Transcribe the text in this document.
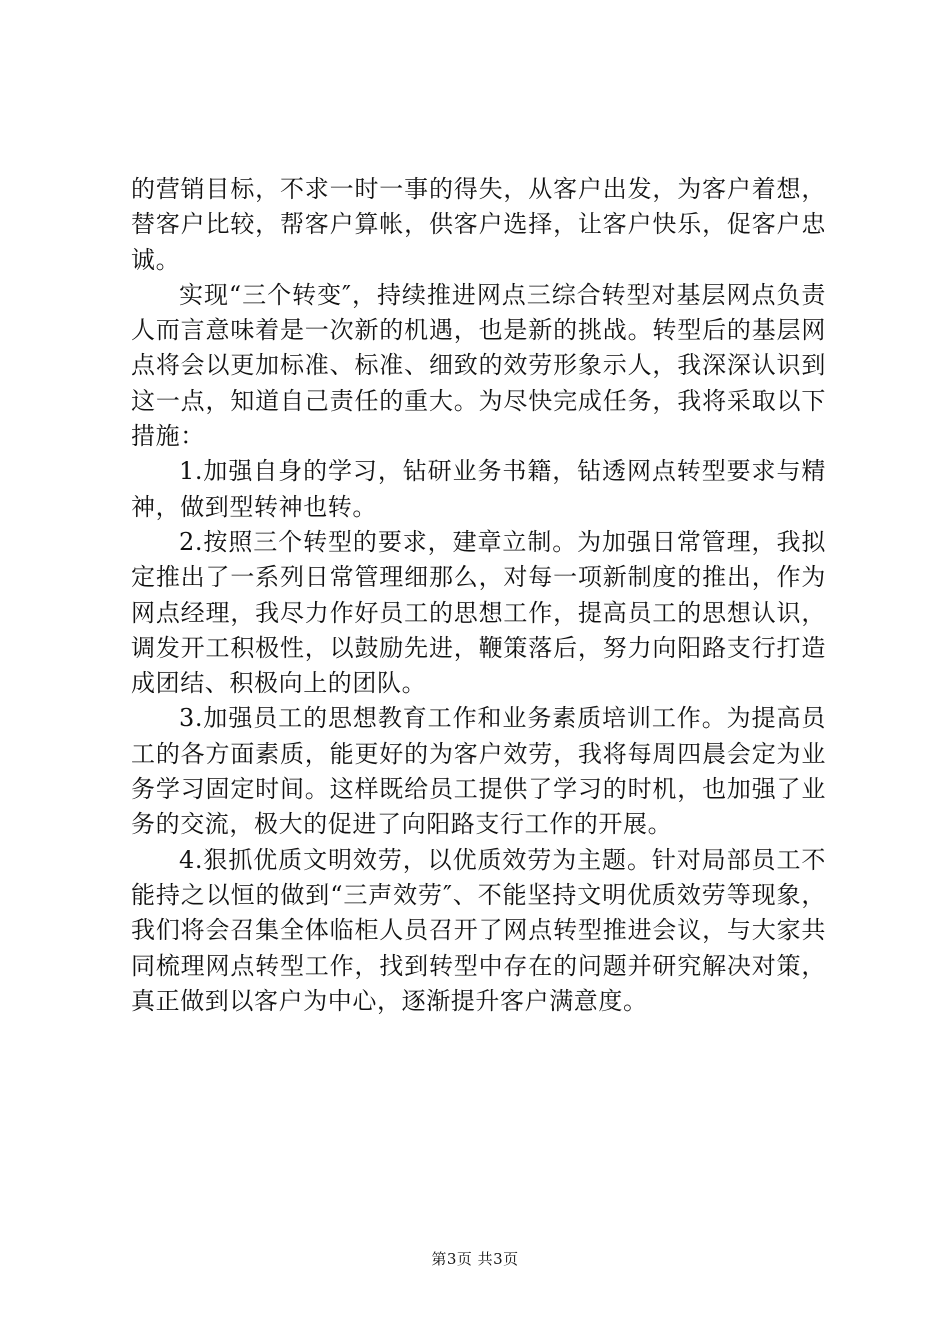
的营销目标，不求一时一事的得失，从客户出发，为客户着想，替客户比较，帮客户算帐，供客户选择，让客户快乐，促客户忠诚。

实现“三个转变″，持续推进网点三综合转型对基层网点负责人而言意味着是一次新的机遇，也是新的挑战。转型后的基层网点将会以更加标准、标准、细致的效劳形象示人，我深深认识到这一点，知道自己责任的重大。为尽快完成任务，我将采取以下措施：

1.加强自身的学习，钻研业务书籍，钻透网点转型要求与精神，做到型转神也转。

2.按照三个转型的要求，建章立制。为加强日常管理，我拟定推出了一系列日常管理细那么，对每一项新制度的推出，作为网点经理，我尽力作好员工的思想工作，提高员工的思想认识，调发开工积极性，以鼓励先进，鞭策落后，努力向阳路支行打造成团结、积极向上的团队。

3.加强员工的思想教育工作和业务素质培训工作。为提高员工的各方面素质，能更好的为客户效劳，我将每周四晨会定为业务学习固定时间。这样既给员工提供了学习的时机，也加强了业务的交流，极大的促进了向阳路支行工作的开展。

4.狠抓优质文明效劳，以优质效劳为主题。针对局部员工不能持之以恒的做到“三声效劳″、不能坚持文明优质效劳等现象，我们将会召集全体临柜人员召开了网点转型推进会议，与大家共同梳理网点转型工作，找到转型中存在的问题并研究解决对策，真正做到以客户为中心，逐渐提升客户满意度。

第3页 共3页
